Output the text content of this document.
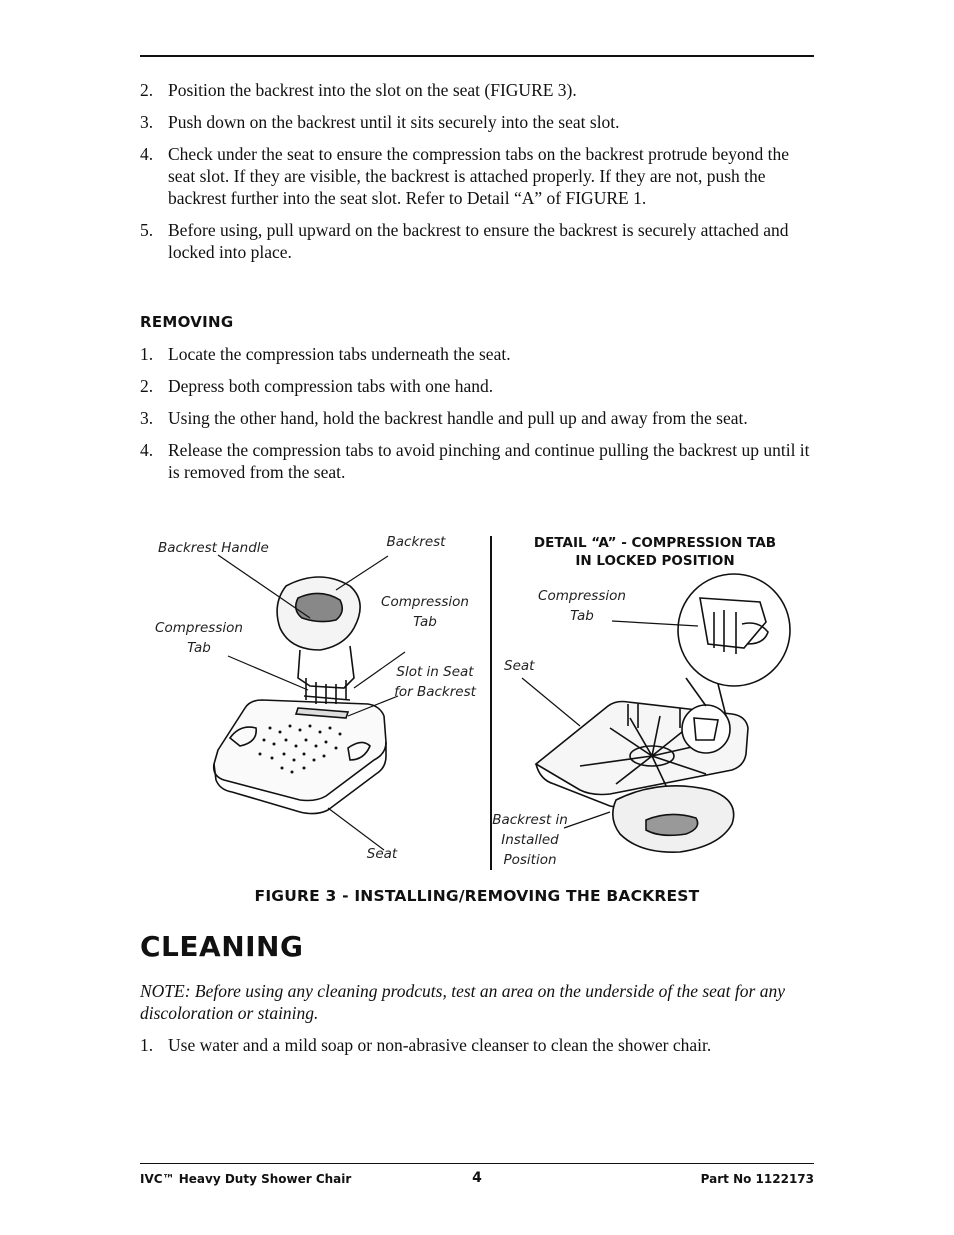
2. Position the backrest into the slot on the seat (FIGURE 3).
3. Push down on the backrest until it sits securely into the seat slot.
4. Check under the seat to ensure the compression tabs on the backrest protrude beyond the seat slot. If they are visible, the backrest is attached properly. If they are not, push the backrest further into the seat slot. Refer to Detail “A” of FIGURE 1.
5. Before using, pull upward on the backrest to ensure the backrest is securely attached and locked into place.
REMOVING
1. Locate the compression tabs underneath the seat.
2. Depress both compression tabs with one hand.
3. Using the other hand, hold the backrest handle and pull up and away from the seat.
4. Release the compression tabs to avoid pinching and continue pulling the backrest up until it is removed from the seat.
Backrest Handle	Backrest
Compression
Tab
Compression
Tab
Slot in Seat
for Backrest
Seat
DETAIL “A” - COMPRESSION TAB
IN LOCKED POSITION
Compression
Tab
Seat
Backrest in
Installed
Position
FIGURE 3 - INSTALLING/REMOVING THE BACKREST
CLEANING
NOTE: Before using any cleaning prodcuts, test an area on the underside of the seat for any discoloration or staining.
1. Use water and a mild soap or non-abrasive cleanser to clean the shower chair.
IVC™ Heavy Duty Shower Chair	4	Part No 1122173
